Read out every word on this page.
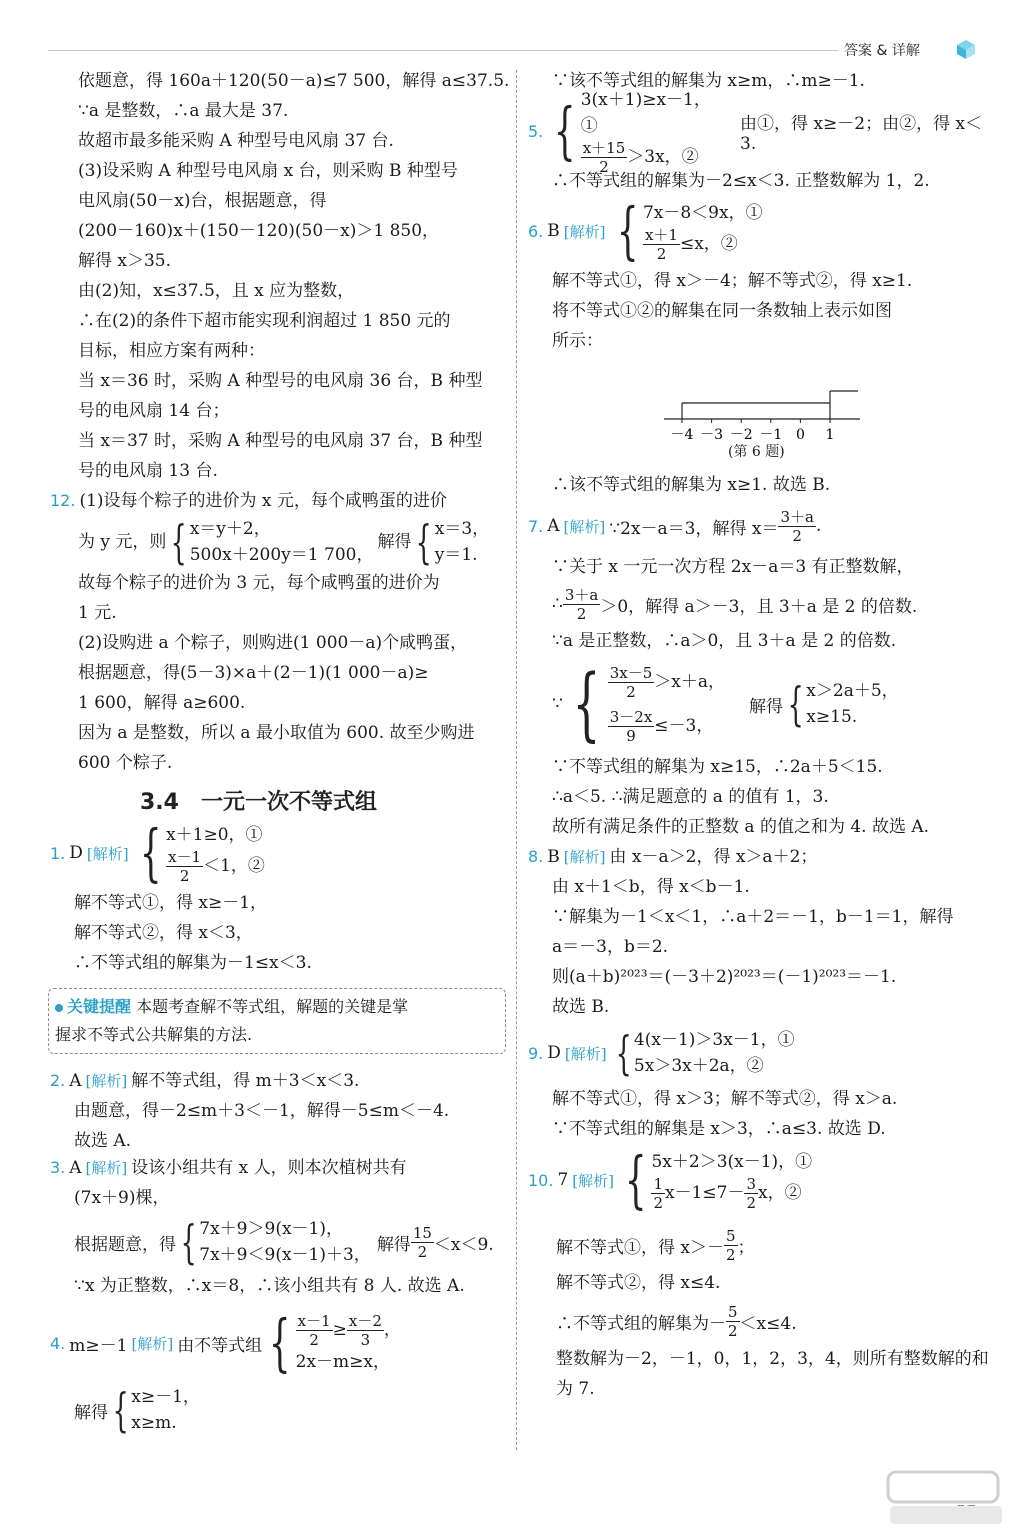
答案 & 详解
依题意，得 160a＋120(50－a)≤7 500，解得 a≤37.5.
∵a 是整数，∴a 最大是 37.
故超市最多能采购 A 种型号电风扇 37 台.
(3)设采购 A 种型号电风扇 x 台，则采购 B 种型号
电风扇(50－x)台，根据题意，得
(200－160)x＋(150－120)(50－x)＞1 850，
解得 x＞35.
由(2)知，x≤37.5，且 x 应为整数，
∴在(2)的条件下超市能实现利润超过 1 850 元的
目标，相应方案有两种：
当 x＝36 时，采购 A 种型号的电风扇 36 台，B 种型
号的电风扇 14 台；
当 x＝37 时，采购 A 种型号的电风扇 37 台，B 种型
号的电风扇 13 台.
12. (1)设每个粽子的进价为 x 元，每个咸鸭蛋的进价
为 y 元，则 { x＝y＋2，
500x＋200y＝1 700，
解得 { x＝3，
y＝1.
故每个粽子的进价为 3 元，每个咸鸭蛋的进价为
1 元.
(2)设购进 a 个粽子，则购进(1 000－a)个咸鸭蛋，
根据题意，得(5－3)×a＋(2－1)(1 000－a)≥
1 600，解得 a≥600.
因为 a 是整数，所以 a 最小取值为 600. 故至少购进
600 个粽子.
3.4　一元一次不等式组
1. D [解析] { x＋1≥0，①
$\frac{x-1}{2} <1$，②
解不等式①，得 x≥－1，
解不等式②，得 x＜3，
∴不等式组的解集为－1≤x＜3.
关键提醒 本题考查解不等式组，解题的关键是掌
握求不等式公共解集的方法.
2. A [解析] 解不等式组，得 m＋3＜x＜3.
由题意，得－2≤m＋3＜－1，解得－5≤m＜－4.
故选 A.
3. A [解析] 设该小组共有 x 人，则本次植树共有
(7x＋9)棵，
根据题意，得 { 7x＋9＞9(x－1)，
7x＋9＜9(x－1)＋3，
解得 $\frac{15}{2} <x<9$.
∵x 为正整数，∴x＝8，∴该小组共有 8 人. 故选 A.
4. m≥－1 [解析] 由不等式组 { $\frac{x-1}{2} \ge \frac{x-2}{3}$ ，
2x－m≥x，
解得 { x≥－1，
x≥m.
∵该不等式组的解集为 x≥m，∴m≥－1.
5. { 3(x＋1)≥x－1，①
$\frac{x+15}{2} >3x$，②
由①，得 x≥－2；由②，得 x＜3.
∴不等式组的解集为－2≤x＜3. 正整数解为 1，2.
6. B [解析] { 7x－8＜9x，①
$\frac{x+1}{2} \le x$，②
解不等式①，得 x＞－4；解不等式②，得 x≥1.
将不等式①②的解集在同一条数轴上表示如图
所示：
－4 －3 －2 －1 0 1
(第 6 题)
∴该不等式组的解集为 x≥1. 故选 B.
7. A [解析] ∵2x－a＝3，解得 $x= \frac{3+a}{2}$ .
∵关于 x 一元一次方程 2x－a＝3 有正整数解，
∴ $\frac{3+a}{2} >0$，解得 a＞－3，且 3＋a 是 2 的倍数.
∵a 是正整数，∴a＞0，且 3＋a 是 2 的倍数.
∵ { $\frac{3x-5}{2} >x+a$，
$\frac{3-2x}{9} \le-3$，
解得 { x＞2a＋5，
x≥15.
∵不等式组的解集为 x≥15，∴2a＋5＜15.
∴a＜5. ∴满足题意的 a 的值有 1，3.
故所有满足条件的正整数 a 的值之和为 4. 故选 A.
8. B [解析] 由 x－a＞2，得 x＞a＋2；
由 x＋1＜b，得 x＜b－1.
∵解集为－1＜x＜1，∴a＋2＝－1，b－1＝1，解得
a＝－3，b＝2.
则(a＋b)²⁰²³＝(－3＋2)²⁰²³＝(－1)²⁰²³＝－1.
故选 B.
9. D [解析] { 4(x－1)＞3x－1，①
5x＞3x＋2a，②
解不等式①，得 x＞3；解不等式②，得 x＞a.
∵不等式组的解集是 x＞3，∴a≤3. 故选 D.
10. 7 [解析] { 5x＋2＞3(x－1)，①
$\frac{1}{2} x-1\le 7- \frac{3}{2}$ x，②
解不等式①，得 $x>- \frac{5}{2}$ ；
解不等式②，得 x≤4.
∴不等式组的解集为－ $\frac{5}{2} <x\le 4$.
整数解为－2，－1，0，1，2，3，4，则所有整数解的和
为 7.
